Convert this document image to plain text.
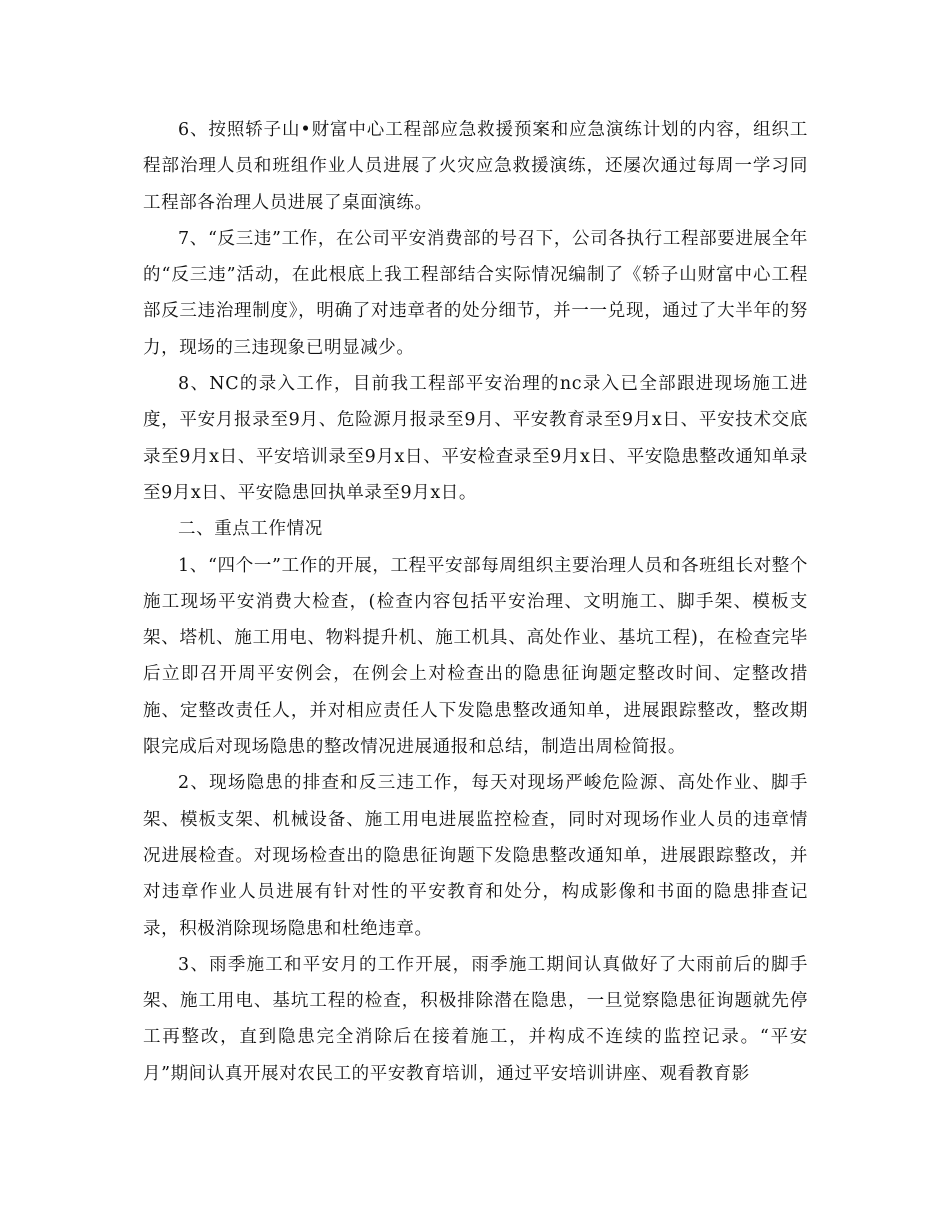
6、按照轿子山•财富中心工程部应急救援预案和应急演练计划的内容，组织工程部治理人员和班组作业人员进展了火灾应急救援演练，还屡次通过每周一学习同工程部各治理人员进展了桌面演练。

7、“反三违”工作，在公司平安消费部的号召下，公司各执行工程部要进展全年的“反三违”活动，在此根底上我工程部结合实际情况编制了《轿子山财富中心工程部反三违治理制度》，明确了对违章者的处分细节，并一一兑现，通过了大半年的努力，现场的三违现象已明显减少。

8、NC的录入工作，目前我工程部平安治理的nc录入已全部跟进现场施工进度，平安月报录至9月、危险源月报录至9月、平安教育录至9月x日、平安技术交底录至9月x日、平安培训录至9月x日、平安检查录至9月x日、平安隐患整改通知单录至9月x日、平安隐患回执单录至9月x日。

二、重点工作情况

1、“四个一”工作的开展，工程平安部每周组织主要治理人员和各班组长对整个施工现场平安消费大检查，(检查内容包括平安治理、文明施工、脚手架、模板支架、塔机、施工用电、物料提升机、施工机具、高处作业、基坑工程)，在检查完毕后立即召开周平安例会，在例会上对检查出的隐患征询题定整改时间、定整改措施、定整改责任人，并对相应责任人下发隐患整改通知单，进展跟踪整改，整改期限完成后对现场隐患的整改情况进展通报和总结，制造出周检简报。

2、现场隐患的排查和反三违工作，每天对现场严峻危险源、高处作业、脚手架、模板支架、机械设备、施工用电进展监控检查，同时对现场作业人员的违章情况进展检查。对现场检查出的隐患征询题下发隐患整改通知单，进展跟踪整改，并对违章作业人员进展有针对性的平安教育和处分，构成影像和书面的隐患排查记录，积极消除现场隐患和杜绝违章。

3、雨季施工和平安月的工作开展，雨季施工期间认真做好了大雨前后的脚手架、施工用电、基坑工程的检查，积极排除潜在隐患，一旦觉察隐患征询题就先停工再整改，直到隐患完全消除后在接着施工，并构成不连续的监控记录。“平安月”期间认真开展对农民工的平安教育培训，通过平安培训讲座、观看教育影
